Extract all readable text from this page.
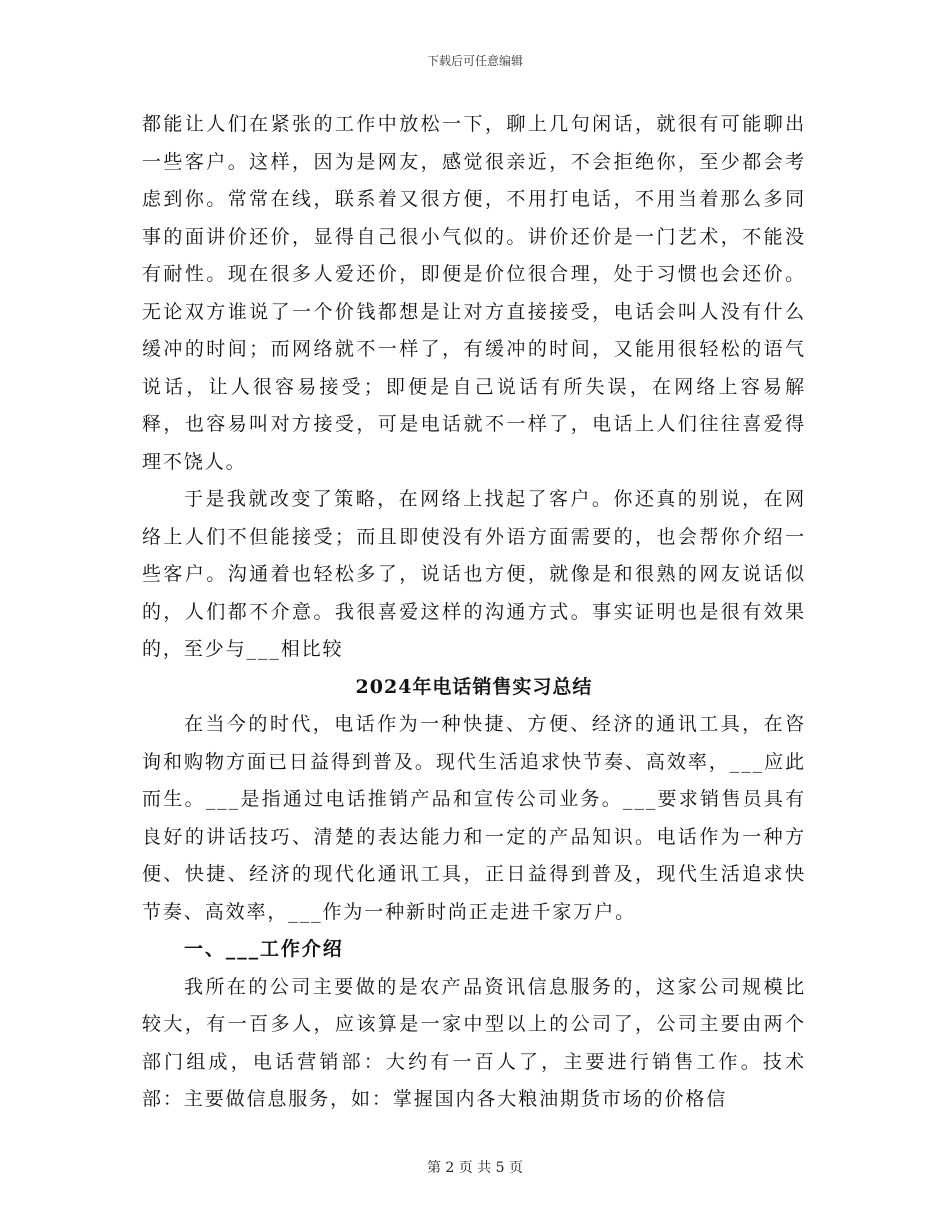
下载后可任意编辑

都能让人们在紧张的工作中放松一下，聊上几句闲话，就很有可能聊出一些客户。这样，因为是网友，感觉很亲近，不会拒绝你，至少都会考虑到你。常常在线，联系着又很方便，不用打电话，不用当着那么多同事的面讲价还价，显得自己很小气似的。讲价还价是一门艺术，不能没有耐性。现在很多人爱还价，即便是价位很合理，处于习惯也会还价。无论双方谁说了一个价钱都想是让对方直接接受，电话会叫人没有什么缓冲的时间；而网络就不一样了，有缓冲的时间，又能用很轻松的语气说话，让人很容易接受；即便是自己说话有所失误，在网络上容易解释，也容易叫对方接受，可是电话就不一样了，电话上人们往往喜爱得理不饶人。

于是我就改变了策略，在网络上找起了客户。你还真的别说，在网络上人们不但能接受；而且即使没有外语方面需要的，也会帮你介绍一些客户。沟通着也轻松多了，说话也方便，就像是和很熟的网友说话似的，人们都不介意。我很喜爱这样的沟通方式。事实证明也是很有效果的，至少与___相比较

2024年电话销售实习总结

在当今的时代，电话作为一种快捷、方便、经济的通讯工具，在咨询和购物方面已日益得到普及。现代生活追求快节奏、高效率，___应此而生。___是指通过电话推销产品和宣传公司业务。___要求销售员具有良好的讲话技巧、清楚的表达能力和一定的产品知识。电话作为一种方便、快捷、经济的现代化通讯工具，正日益得到普及，现代生活追求快节奏、高效率，___作为一种新时尚正走进千家万户。

一、___工作介绍

我所在的公司主要做的是农产品资讯信息服务的，这家公司规模比较大，有一百多人，应该算是一家中型以上的公司了，公司主要由两个部门组成，电话营销部：大约有一百人了，主要进行销售工作。技术部：主要做信息服务，如：掌握国内各大粮油期货市场的价格信

第 2 页 共 5 页
